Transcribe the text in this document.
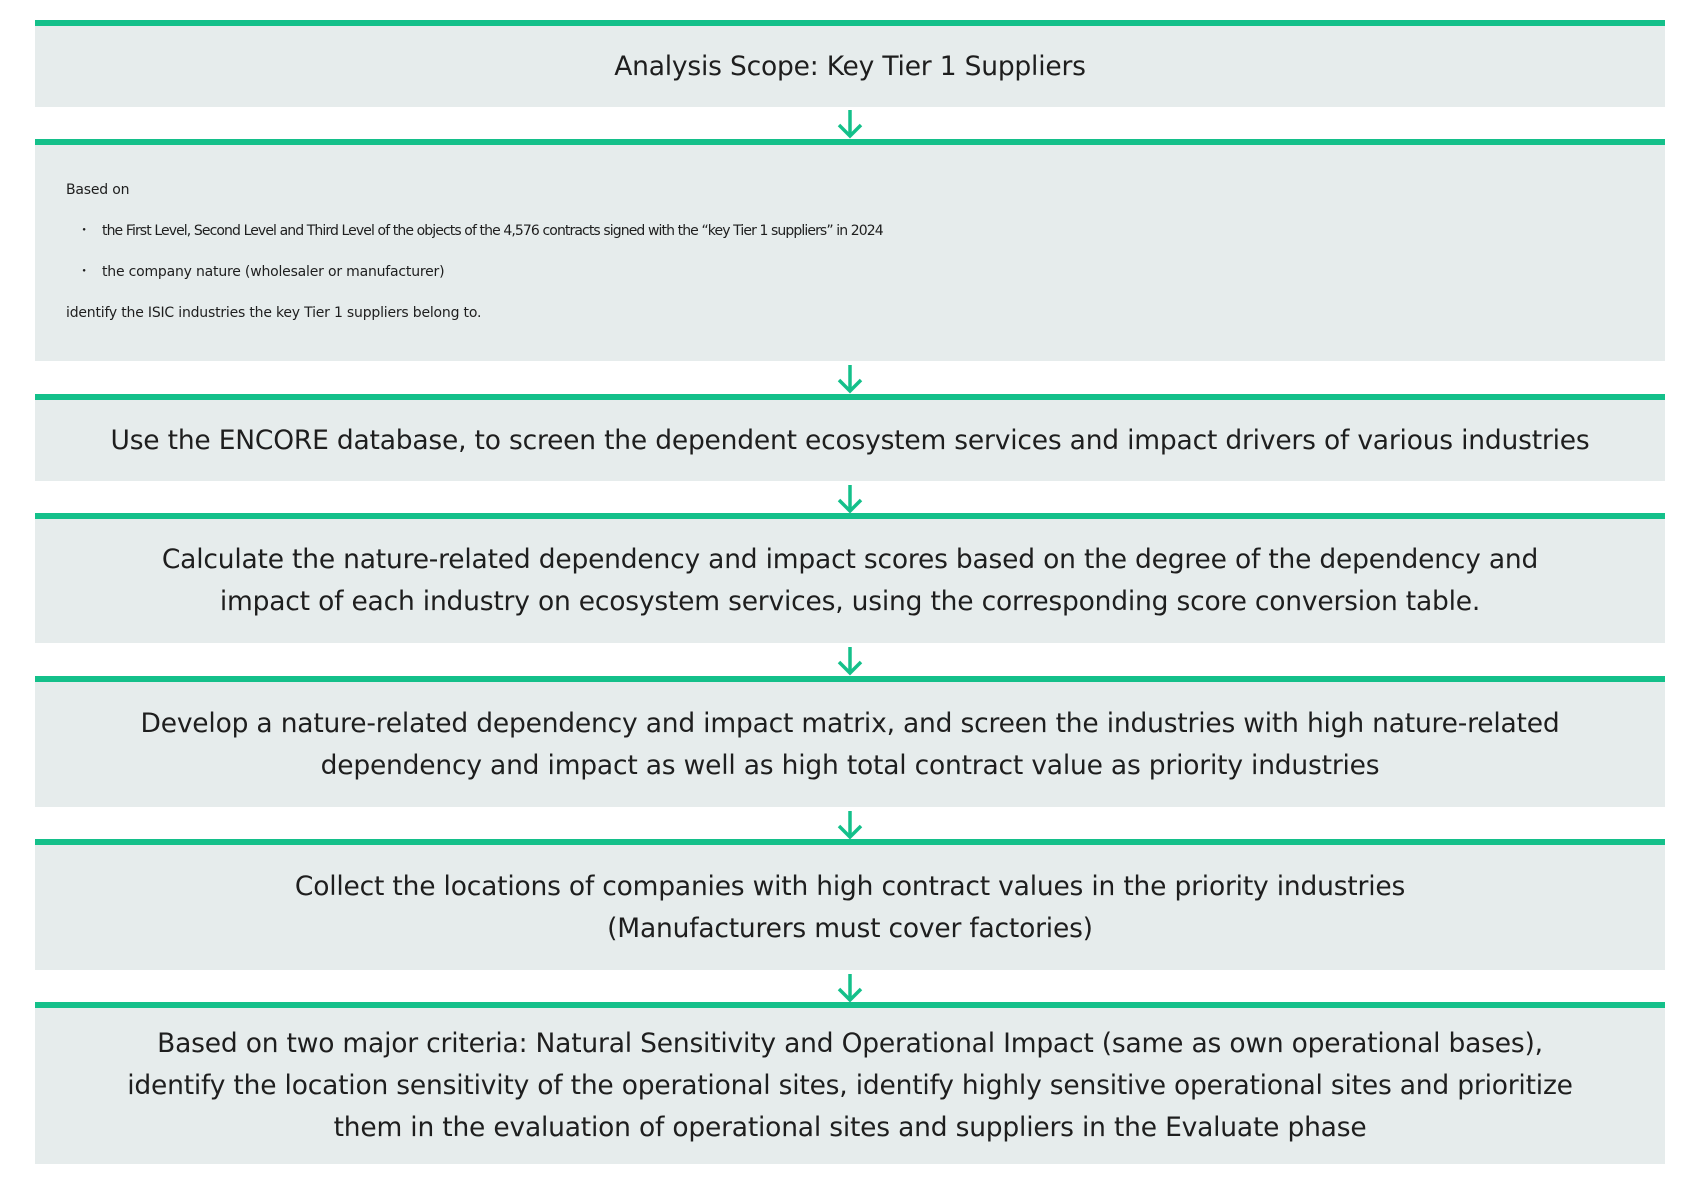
Analysis Scope: Key Tier 1 Suppliers
Based on
・ the First Level, Second Level and Third Level of the objects of the 4,576 contracts signed with the “key Tier 1 suppliers” in 2024
・ the company nature (wholesaler or manufacturer)
identify the ISIC industries the key Tier 1 suppliers belong to.
Use the ENCORE database, to screen the dependent ecosystem services and impact drivers of various industries
Calculate the nature-related dependency and impact scores based on the degree of the dependency and
impact of each industry on ecosystem services, using the corresponding score conversion table.
Develop a nature-related dependency and impact matrix, and screen the industries with high nature-related
dependency and impact as well as high total contract value as priority industries
Collect the locations of companies with high contract values in the priority industries
(Manufacturers must cover factories)
Based on two major criteria: Natural Sensitivity and Operational Impact (same as own operational bases),
identify the location sensitivity of the operational sites, identify highly sensitive operational sites and prioritize
them in the evaluation of operational sites and suppliers in the Evaluate phase
